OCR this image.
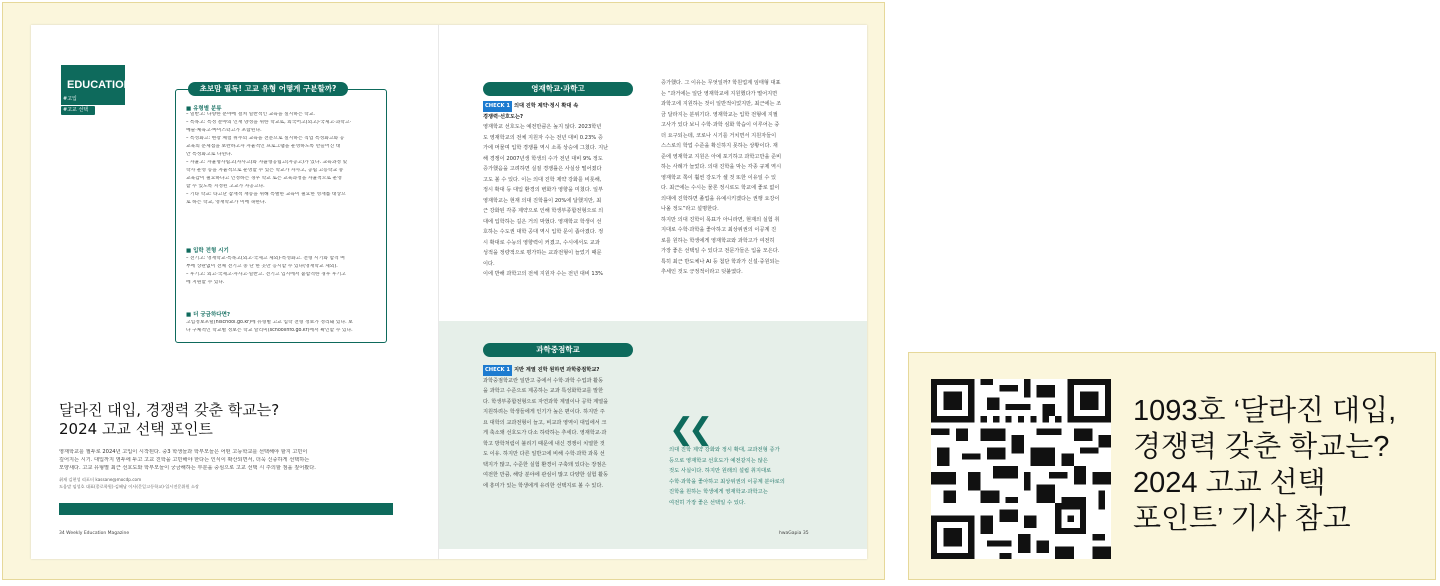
EDUCATION
#고입
#고교 선택
초보맘 필독! 고교 유형 어떻게 구분할까?
■ 유형별 분류
– 일반고: 다양한 분야에 걸쳐 일반적인 교육을 실시하는 학교.
– 특목고: 특정 분야의 인재 양성을 위한 학교로, 외국어고(외고)·국제고·과학고·
예술·체육고·마이스터고가 포함된다.
– 특성화고: 현장 체험 위주의 교육을 전문으로 실시하는 직업 특성화고와 공
교육의 문제점을 보완하고자 자율적인 프로그램을 운영하도록 만들어진 대
안 특성화고로 나뉜다.
– 자율고: 자율형사립고(자사고)와 자율형공립고(자공고)가 있다. 교육과정 및
학사 운영 등을 자율적으로 운영할 수 있는 학교가 자사고, 공립 고등학교 중
교육감이 필요하다고 인정하는 경우 학교 또는 교육과정을 자율적으로 운영
할 수 있도록 지정된 고교가 자공고다.
– 기타 학교: 타고난 잠재적 재능을 위해 특별한 교육이 필요한 영재를 대상으
로 하는 학교, 영재학교가 이에 속한다.
■ 입학 전형 시기
– 전기고: 영재학교·특목고(외고·국제고 제외)·특성화고. 전형 시기와 합격 여
부에 상관없이 전체 전기고 중 단 한 곳만 응시할 수 있다(영재학교 제외).
– 후기고: 외고·국제고·자사고·일반고. 전기고 입시에서 불합격한 경우 후기고
에 지원할 수 있다.
■ 더 궁금하다면?
고입정보포털(hischool.go.kr)에 유형별 고교 입학 전형 정보가 정리돼 있다. 보
다 구체적인 학교별 정보는 학교 알리미(schoolinfo.go.kr)에서 확인할 수 있다.
달라진 대입, 경쟁력 갖춘 학교는?
2024 고교 선택 포인트
영재학교를 필두로 2024년 고입이 시작된다. 중3 학생들과 학부모들은 어떤 고등학교를 선택해야 할지 고민이
깊어지는 시기. 대입까지 염두에 두고 고교 진학을 고민해야 한다는 인식이 확산되면서, 더욱 신중하게 선택하는
모양새다. 고교 유형별 최근 선호도와 학부모들이 궁금해하는 부분을 중심으로 고교 선택 시 주의할 점을 짚어봤다.
취재 김현성 리포터 kassane@mocdp.com
도움말 임성호 대표(종로학원)·김혜남 이사(문일고등학교)·입시전문위원 소장
34 Weekly Education Magazine
영재학교·과학고
CHECK 1 의대 진학 제약·정시 확대 속
경쟁력·선호도는?
영재학교 선호도는 예전만큼은 높지 않다. 2023학년
도 영재학교의 전체 지원자 수는 전년 대비 0.23% 증
가에 머물며 입학 경쟁률 역시 소폭 상승에 그쳤다. 지난
해 경쟁이 2007년생 학생의 수가 전년 대비 9% 정도
증가했음을 고려하면 실질 경쟁률은 사실상 떨어졌다
고도 볼 수 있다. 이는 의대 진학 제약 강화를 비롯해,
정시 확대 등 대입 환경의 변화가 영향을 미쳤다. 일부
영재학교는 현재 의대 진학률이 20%에 달했지만, 최
근 강화된 각종 제약으로 인해 학생부종합전형으로 의
대에 입학하는 길은 거의 막혔다. 영재학교 학생이 선
호하는 수도권 대학 공대 역시 입학 문이 좁아졌다. 정
시 확대로 수능의 영향력이 커졌고, 수시에서도 교과
성적을 정량적으로 평가하는 교과전형이 늘었기 때문
이다.
이에 반해 과학고의 전체 지원자 수는 전년 대비 13%
증가했다. 그 이유는 무엇일까? 학원업계 임태형 대표
는 “과거에는 일단 영재학교에 지원했다가 떨어지면
과학고에 지원하는 것이 일반적이었지만, 최근에는 조
금 달라지는 분위기다. 영재학교는 입학 전형에 지필
고사가 있다 보니 수학·과학 심화 학습이 이루어는 중
더 요구되는데, 코로나 시기를 거치면서 지원자들이
스스로의 학업 수준을 확신하지 못하는 상황이다. 재
준에 영재학교 지원은 아예 포기하고 과학고만을 준비
하는 사례가 늘었다. 의대 진학을 막는 각종 규제 역시
영재학교 쪽이 훨씬 강도가 셀 것 또한 이유일 수 있
다. 최근에는 수시는 물론 정시로도 학교에 좋로 없이
의대에 진학하면 졸업을 유예시키겠다는 권행 요강이
나올 정도”라고 설명한다.
하지만 의대 진학이 목표가 아니라면, 현재의 실험 취
지대로 수학·과학을 좋아하고 최상위권의 이공계 진
로를 원하는 학생에게 영재학교와 과학고가 여전히
가장 좋은 선택일 수 있다고 전문가들은 입을 모은다.
특히 최근 반도체나 AI 등 첨단 학과가 신설·중원되는
추세인 것도 긍정적이라고 덧붙였다.
과학중점학교
CHECK 1 지반 계열 진학 원하면 과학중점학교?
과학중점학교란 일반고 중에서 수학·과학 수업과 활동
을 과학고 수준으로 제공하는 교과 특성화학교를 말한
다. 학생부종합전형으로 자연과학 계열이나 공학 계열을
지원하려는 학생들에게 인기가 높은 편이다. 하지만 주
요 대학의 교과전형이 늘고, 비교과 영역이 대입에서 크
게 축소돼 선호도가 다소 하락하는 추세다. 영재학교·과
학고 방학처럼이 불리기 때문에 내신 경쟁이 치열한 것
도 이유. 하지만 다른 일반고에 비해 수학·과학 과목 선
택지가 많고, 수준한 실험 환경이 구축돼 있다는 장점은
여전한 만큼, 해당 분야에 관심이 많고 다양한 실험 활동
에 흥미가 있는 학생에게 유리한 선택지로 볼 수 있다.
❮❮
의대 진학 제약 강화와 정시 확대, 교과전형 증가
등으로 영재학교 선호도가 예전같지는 않은
것도 사실이다. 하지만 원래의 설립 취지대로
수학·과학을 좋아하고 최상위권의 이공계 분야로의
진학을 원하는 학생에게 영재학교·과학고는
여전히 가장 좋은 선택일 수 있다.
hwaGapia 35
1093호 ‘달라진 대입,
경쟁력 갖춘 학교는?
2024 고교 선택
포인트’ 기사 참고
